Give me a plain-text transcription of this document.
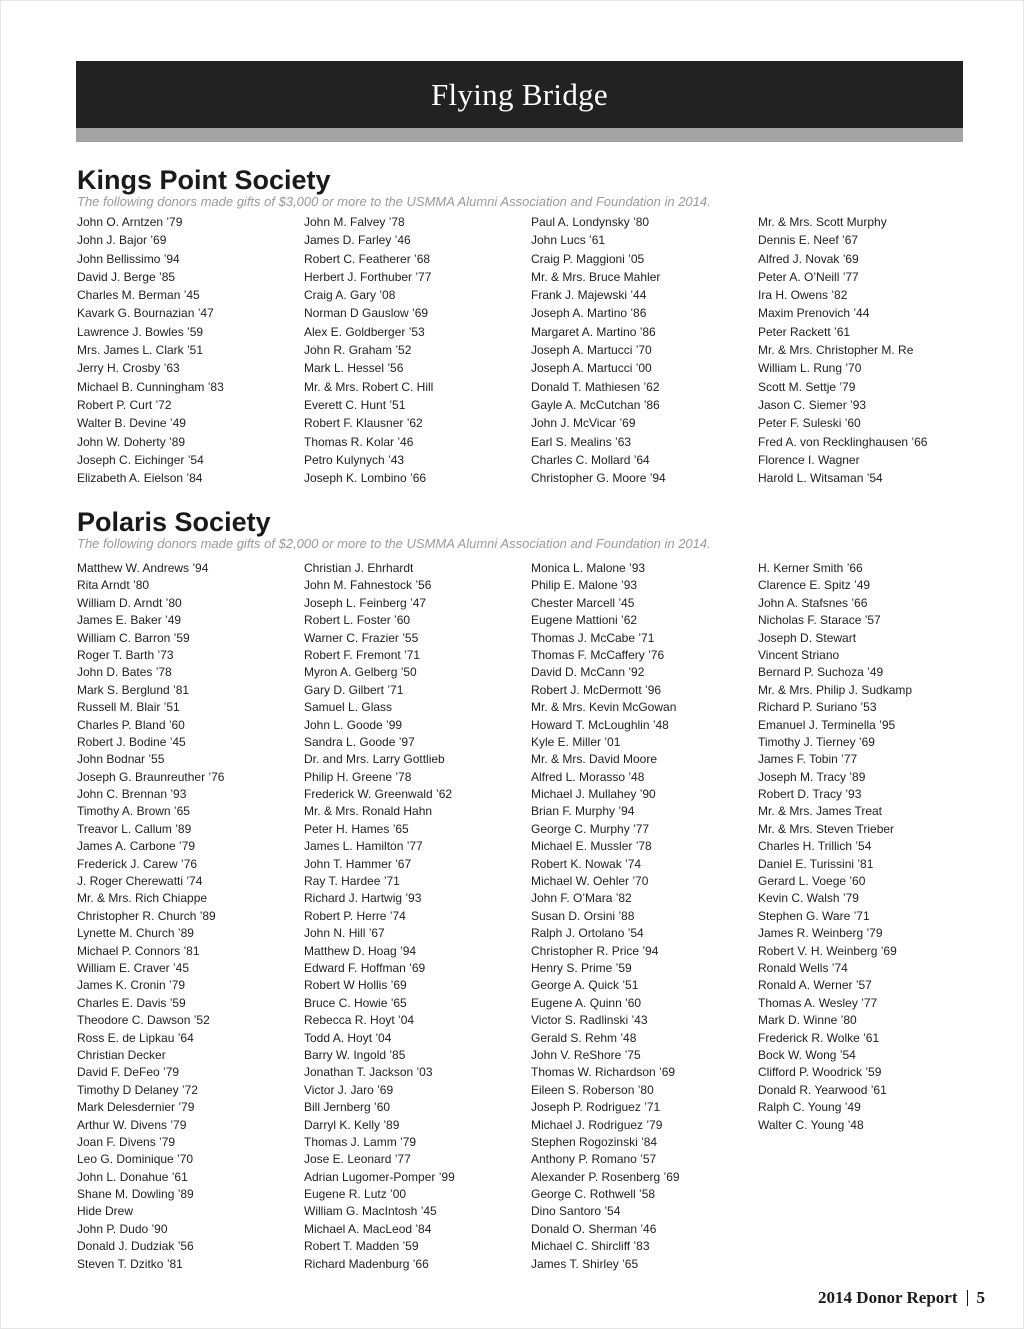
Flying Bridge
Kings Point Society

The following donors made gifts of $3,000 or more to the USMMA Alumni Association and Foundation in 2014.

John O. Arntzen ’79
John J. Bajor ’69
John Bellissimo ’94
David J. Berge ’85
Charles M. Berman ’45
Kavark G. Bournazian ’47
Lawrence J. Bowles ’59
Mrs. James L. Clark ’51
Jerry H. Crosby ’63
Michael B. Cunningham ’83
Robert P. Curt ’72
Walter B. Devine ’49
John W. Doherty ’89
Joseph C. Eichinger ’54
Elizabeth A. Eielson ’84
John M. Falvey ’78
James D. Farley ’46
Robert C. Featherer ’68
Herbert J. Forthuber ’77
Craig A. Gary ’08
Norman D Gauslow ’69
Alex E. Goldberger ’53
John R. Graham ’52
Mark L. Hessel ’56
Mr. & Mrs. Robert C. Hill
Everett C. Hunt ’51
Robert F. Klausner ’62
Thomas R. Kolar ’46
Petro Kulynych ’43
Joseph K. Lombino ’66
Paul A. Londynsky ’80
John Lucs ’61
Craig P. Maggioni ’05
Mr. & Mrs. Bruce Mahler
Frank J. Majewski ’44
Joseph A. Martino ’86
Margaret A. Martino ’86
Joseph A. Martucci ’70
Joseph A. Martucci ’00
Donald T. Mathiesen ’62
Gayle A. McCutchan ’86
John J. McVicar ’69
Earl S. Mealins ’63
Charles C. Mollard ’64
Christopher G. Moore ’94
Mr. & Mrs. Scott Murphy
Dennis E. Neef ’67
Alfred J. Novak ’69
Peter A. O’Neill ’77
Ira H. Owens ’82
Maxim Prenovich ’44
Peter Rackett ’61
Mr. & Mrs. Christopher M. Re
William L. Rung ’70
Scott M. Settje ’79
Jason C. Siemer ’93
Peter F. Suleski ’60
Fred A. von Recklinghausen ’66
Florence I. Wagner
Harold L. Witsaman ’54
Polaris Society

The following donors made gifts of $2,000 or more to the USMMA Alumni Association and Foundation in 2014.

Matthew W. Andrews ’94
Rita Arndt ’80
William D. Arndt ’80
James E. Baker ’49
William C. Barron ’59
Roger T. Barth ’73
John D. Bates ’78
Mark S. Berglund ’81
Russell M. Blair ’51
Charles P. Bland ’60
Robert J. Bodine ’45
John Bodnar ’55
Joseph G. Braunreuther ’76
John C. Brennan ’93
Timothy A. Brown ’65
Treavor L. Callum ’89
James A. Carbone ’79
Frederick J. Carew ’76
J. Roger Cherewatti ’74
Mr. & Mrs. Rich Chiappe
Christopher R. Church ’89
Lynette M. Church ’89
Michael P. Connors ’81
William E. Craver ’45
James K. Cronin ’79
Charles E. Davis ’59
Theodore C. Dawson ’52
Ross E. de Lipkau ’64
Christian Decker
David F. DeFeo ’79
Timothy D Delaney ’72
Mark Delesdernier ’79
Arthur W. Divens ’79
Joan F. Divens ’79
Leo G. Dominique ’70
John L. Donahue ’61
Shane M. Dowling ’89
Hide Drew
John P. Dudo ’90
Donald J. Dudziak ’56
Steven T. Dzitko ’81
Christian J. Ehrhardt
John M. Fahnestock ’56
Joseph L. Feinberg ’47
Robert L. Foster ’60
Warner C. Frazier ’55
Robert F. Fremont ’71
Myron A. Gelberg ’50
Gary D. Gilbert ’71
Samuel L. Glass
John L. Goode ’99
Sandra L. Goode ’97
Dr. and Mrs. Larry Gottlieb
Philip H. Greene ’78
Frederick W. Greenwald ’62
Mr. & Mrs. Ronald Hahn
Peter H. Hames ’65
James L. Hamilton ’77
John T. Hammer ’67
Ray T. Hardee ’71
Richard J. Hartwig ’93
Robert P. Herre ’74
John N. Hill ’67
Matthew D. Hoag ’94
Edward F. Hoffman ’69
Robert W Hollis ’69
Bruce C. Howie ’65
Rebecca R. Hoyt ’04
Todd A. Hoyt ’04
Barry W. Ingold ’85
Jonathan T. Jackson ’03
Victor J. Jaro ’69
Bill Jernberg ’60
Darryl K. Kelly ’89
Thomas J. Lamm ’79
Jose E. Leonard ’77
Adrian Lugomer-Pomper ’99
Eugene R. Lutz ’00
William G. MacIntosh ’45
Michael A. MacLeod ’84
Robert T. Madden ’59
Richard Madenburg ’66
Monica L. Malone ’93
Philip E. Malone ’93
Chester Marcell ’45
Eugene Mattioni ’62
Thomas J. McCabe ’71
Thomas F. McCaffery ’76
David D. McCann ’92
Robert J. McDermott ’96
Mr. & Mrs. Kevin McGowan
Howard T. McLoughlin ’48
Kyle E. Miller ’01
Mr. & Mrs. David Moore
Alfred L. Morasso ’48
Michael J. Mullahey ’90
Brian F. Murphy ’94
George C. Murphy ’77
Michael E. Mussler ’78
Robert K. Nowak ’74
Michael W. Oehler ’70
John F. O’Mara ’82
Susan D. Orsini ’88
Ralph J. Ortolano ’54
Christopher R. Price ’94
Henry S. Prime ’59
George A. Quick ’51
Eugene A. Quinn ’60
Victor S. Radlinski ’43
Gerald S. Rehm ’48
John V. ReShore ’75
Thomas W. Richardson ’69
Eileen S. Roberson ’80
Joseph P. Rodriguez ’71
Michael J. Rodriguez ’79
Stephen Rogozinski ’84
Anthony P. Romano ’57
Alexander P. Rosenberg ’69
George C. Rothwell ’58
Dino Santoro ’54
Donald O. Sherman ’46
Michael C. Shircliff ’83
James T. Shirley ’65
H. Kerner Smith ’66
Clarence E. Spitz ’49
John A. Stafsnes ’66
Nicholas F. Starace ’57
Joseph D. Stewart
Vincent Striano
Bernard P. Suchoza ’49
Mr. & Mrs. Philip J. Sudkamp
Richard P. Suriano ’53
Emanuel J. Terminella ’95
Timothy J. Tierney ’69
James F. Tobin ’77
Joseph M. Tracy ’89
Robert D. Tracy ’93
Mr. & Mrs. James Treat
Mr. & Mrs. Steven Trieber
Charles H. Trillich ’54
Daniel E. Turissini ’81
Gerard L. Voege ’60
Kevin C. Walsh ’79
Stephen G. Ware ’71
James R. Weinberg ’79
Robert V. H. Weinberg ’69
Ronald Wells ’74
Ronald A. Werner ’57
Thomas A. Wesley ’77
Mark D. Winne ’80
Frederick R. Wolke ’61
Bock W. Wong ’54
Clifford P. Woodrick ’59
Donald R. Yearwood ’61
Ralph C. Young ’49
Walter C. Young ’48
2014 Donor Report 5
